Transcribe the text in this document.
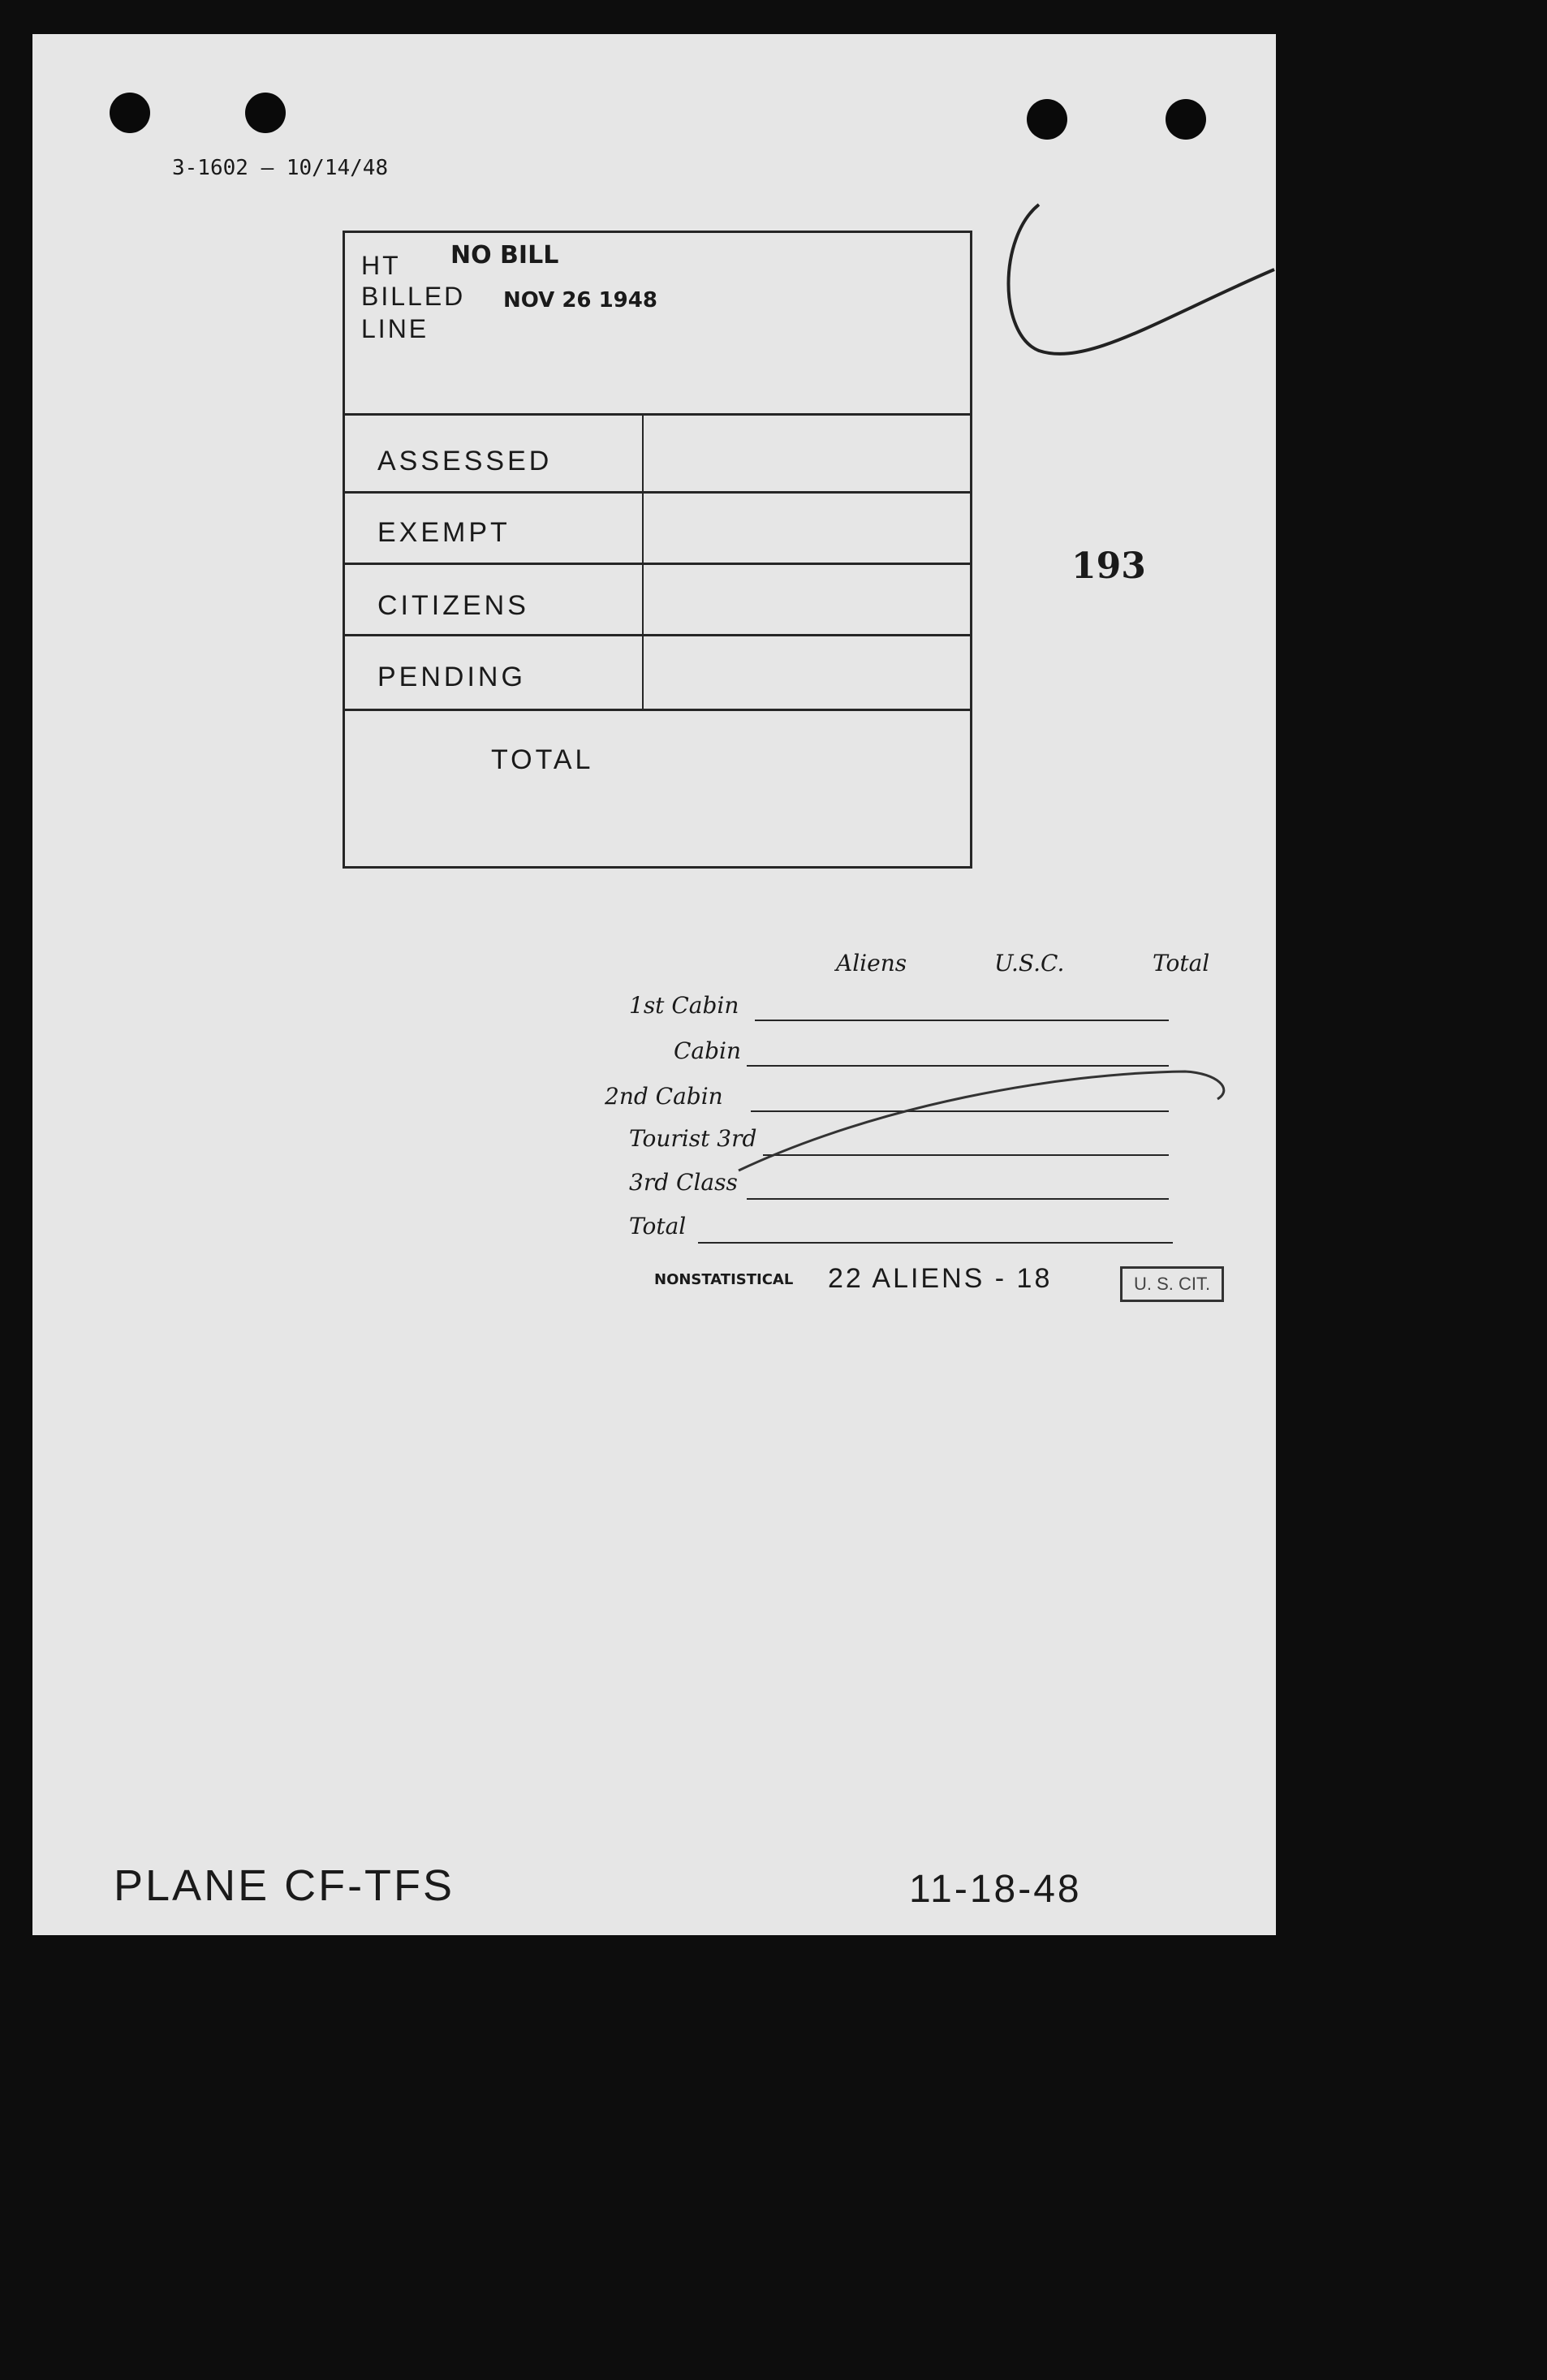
3-1602 — 10/14/48
193
HT
BILLED
LINE
NO BILL
NOV 26 1948
ASSESSED
EXEMPT
CITIZENS
PENDING
TOTAL
Aliens	U.S.C.	Total
1st Cabin
Cabin
2nd Cabin
Tourist 3rd
3rd Class
Total
NONSTATISTICAL 22 ALIENS - 18	U. S. CIT.
PLANE CF-TFS	11-18-48
